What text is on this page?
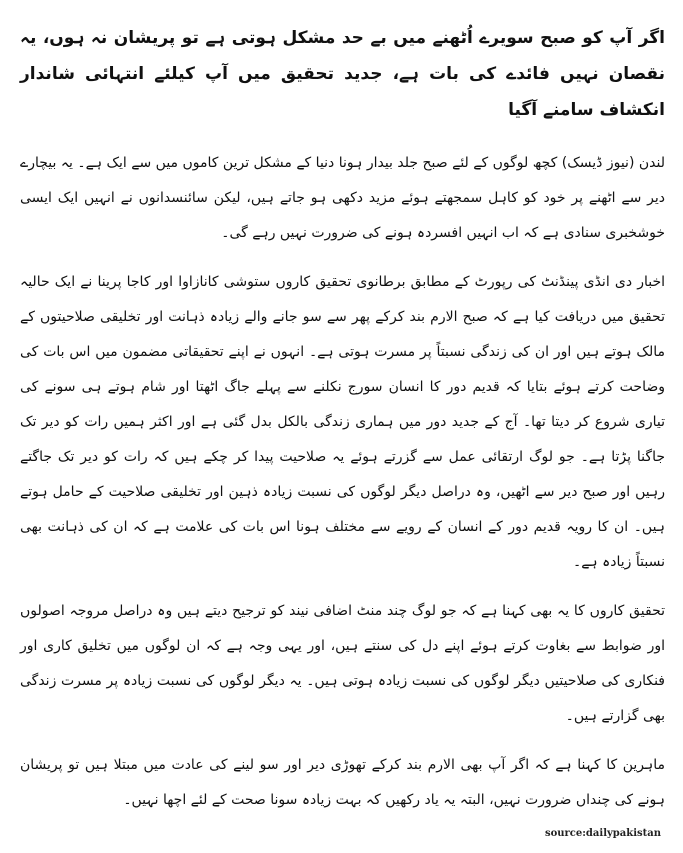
اگر آپ کو صبح سویرے اُٹھنے میں بے حد مشکل ہوتی ہے تو پریشان نہ ہوں، یہ نقصان نہیں فائدے کی بات ہے، جدید تحقیق میں آپ کیلئے انتہائی شاندار انکشاف سامنے آگیا

لندن (نیوز ڈیسک) کچھ لوگوں کے لئے صبح جلد بیدار ہونا دنیا کے مشکل ترین کاموں میں سے ایک ہے۔ یہ بیچارے دیر سے اٹھنے پر خود کو کاہل سمجھتے ہوئے مزید دکھی ہو جاتے ہیں، لیکن سائنسدانوں نے انہیں ایک ایسی خوشخبری سنادی ہے کہ اب انہیں افسردہ ہونے کی ضرورت نہیں رہے گی۔

اخبار دی انڈی پینڈنٹ کی رپورٹ کے مطابق برطانوی تحقیق کاروں ستوشی کانازاوا اور کاجا پرینا نے ایک حالیہ تحقیق میں دریافت کیا ہے کہ صبح الارم بند کرکے پھر سے سو جانے والے زیادہ ذہانت اور تخلیقی صلاحیتوں کے مالک ہوتے ہیں اور ان کی زندگی نسبتاً پر مسرت ہوتی ہے۔ انہوں نے اپنے تحقیقاتی مضمون میں اس بات کی وضاحت کرتے ہوئے بتایا کہ قدیم دور کا انسان سورج نکلنے سے پہلے جاگ اٹھتا اور شام ہوتے ہی سونے کی تیاری شروع کر دیتا تھا۔ آج کے جدید دور میں ہماری زندگی بالکل بدل گئی ہے اور اکثر ہمیں رات کو دیر تک جاگنا پڑتا ہے۔ جو لوگ ارتقائی عمل سے گزرتے ہوئے یہ صلاحیت پیدا کر چکے ہیں کہ رات کو دیر تک جاگتے رہیں اور صبح دیر سے اٹھیں، وہ دراصل دیگر لوگوں کی نسبت زیادہ ذہین اور تخلیقی صلاحیت کے حامل ہوتے ہیں۔ ان کا رویہ قدیم دور کے انسان کے رویے سے مختلف ہونا اس بات کی علامت ہے کہ ان کی ذہانت بھی نسبتاً زیادہ ہے۔

تحقیق کاروں کا یہ بھی کہنا ہے کہ جو لوگ چند منٹ اضافی نیند کو ترجیح دیتے ہیں وہ دراصل مروجہ اصولوں اور ضوابط سے بغاوت کرتے ہوئے اپنے دل کی سنتے ہیں، اور یہی وجہ ہے کہ ان لوگوں میں تخلیق کاری اور فنکاری کی صلاحیتیں دیگر لوگوں کی نسبت زیادہ ہوتی ہیں۔ یہ دیگر لوگوں کی نسبت زیادہ پر مسرت زندگی بھی گزارتے ہیں۔

ماہرین کا کہنا ہے کہ اگر آپ بھی الارم بند کرکے تھوڑی دیر اور سو لینے کی عادت میں مبتلا ہیں تو پریشان ہونے کی چنداں ضرورت نہیں، البتہ یہ یاد رکھیں کہ بہت زیادہ سونا صحت کے لئے اچھا نہیں۔

source:dailypakistan
